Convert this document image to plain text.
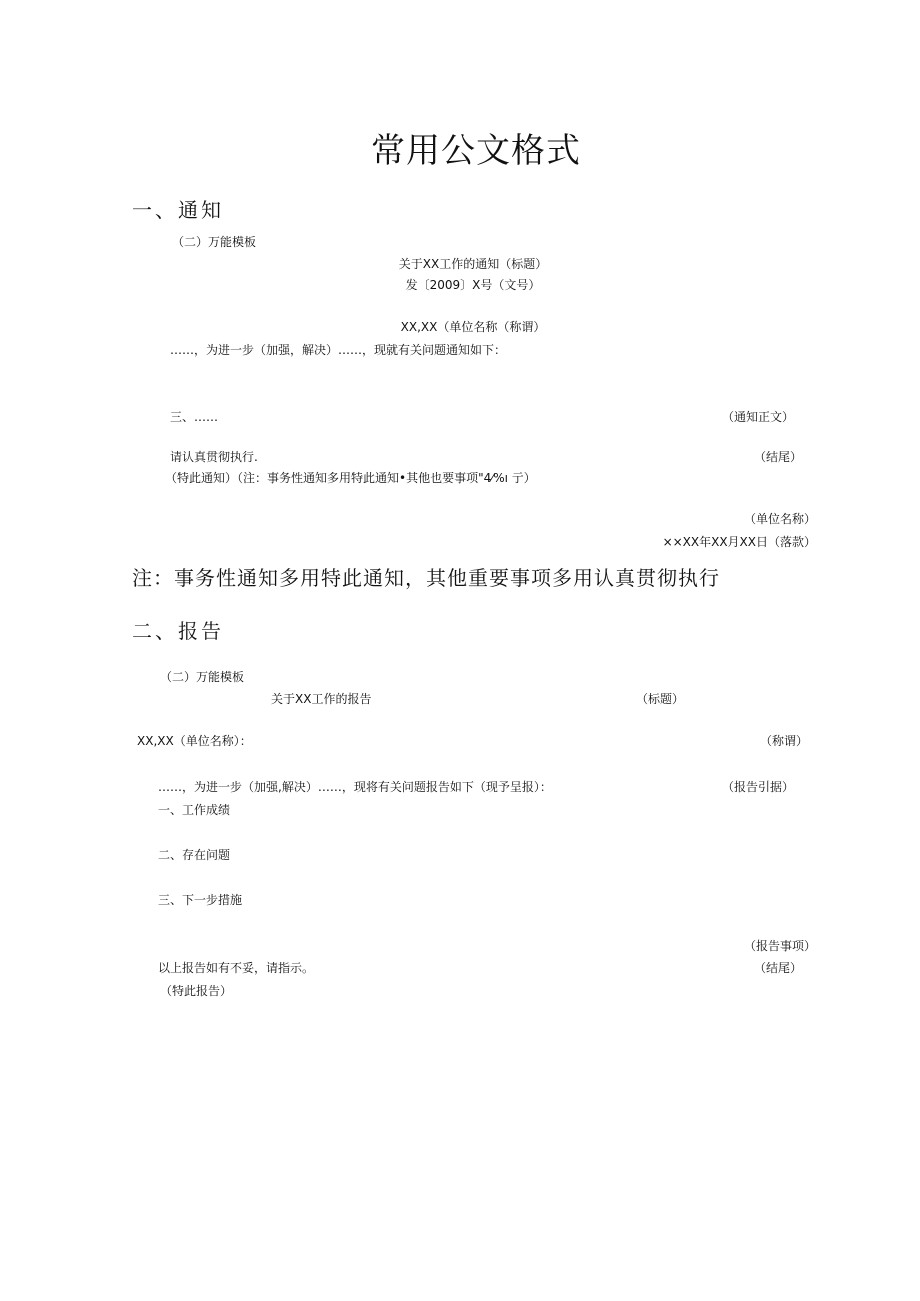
常用公文格式
一、通知
（二）万能模板
关于XX工作的通知（标题）
发〔2009〕X号（文号）
XX,XX（单位名称（称谓）
……，为进一步（加强，解决）……，现就有关问题通知如下：
三、……	（通知正文）
请认真贯彻执行.	（结尾）
（特此通知）（注：事务性通知多用特此通知•其他也要事项"4⁄%ı 亍）
（单位名称）
××XX年XX月XX日（落款）
注：事务性通知多用特此通知，其他重要事项多用认真贯彻执行
二、报告
（二）万能模板
关于XX工作的报告	（标题）
XX,XX（单位名称）：	（称谓）
……，为进一步（加强,解决）……，现将有关问题报告如下（现予呈报）：	（报告引据）
一、工作成绩
二、存在问题
三、下一步措施
（报告事项）
以上报告如有不妥，请指示。	（结尾）
（特此报告）
